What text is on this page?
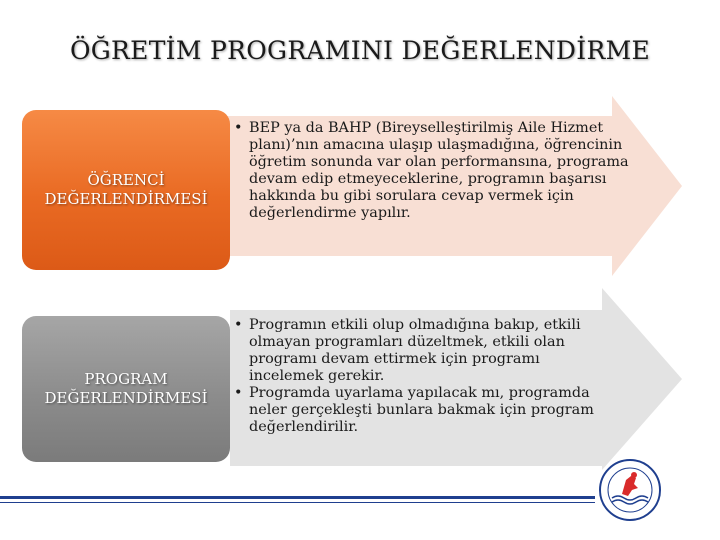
ÖĞRETİM PROGRAMINI DEĞERLENDİRME
ÖĞRENCİ
DEĞERLENDİRMESİ
PROGRAM
DEĞERLENDİRMESİ
• BEP ya da BAHP (Bireyselleştirilmiş Aile Hizmet planı)’nın amacına ulaşıp ulaşmadığına, öğrencinin öğretim sonunda var olan performansına, programa devam edip etmeyeceklerine, programın başarısı hakkında bu gibi sorulara cevap vermek için değerlendirme yapılır.
• Programın etkili olup olmadığına bakıp, etkili olmayan programları düzeltmek, etkili olan programı devam ettirmek için programı incelemek gerekir.
• Programda uyarlama yapılacak mı, programda neler gerçekleşti bunlara bakmak için program değerlendirilir.
